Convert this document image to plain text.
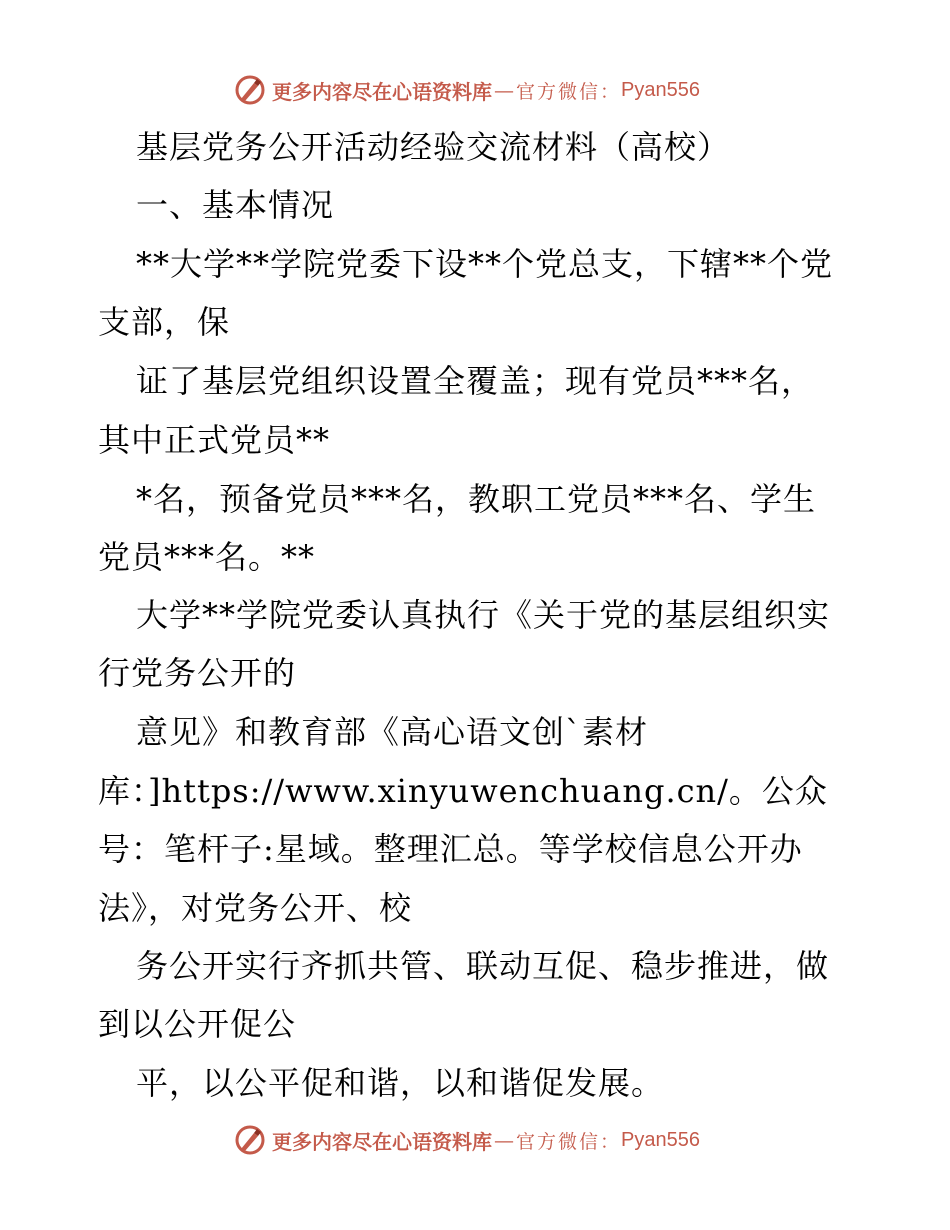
更多内容尽在心语资料库 — 官方微信： Pyan556
基层党务公开活动经验交流材料（高校）
一、基本情况
**大学**学院党委下设**个党总支，下辖**个党
支部，保
证了基层党组织设置全覆盖；现有党员***名，
其中正式党员**
*名，预备党员***名，教职工党员***名、学生
党员***名。**
大学**学院党委认真执行《关于党的基层组织实
行党务公开的
意见》和教育部《高心语文创`素材
库：]https://www.xinyuwenchuang.cn/。公众
号：笔杆子:星域。整理汇总。等学校信息公开办
法》，对党务公开、校
务公开实行齐抓共管、联动互促、稳步推进，做
到以公开促公
平，以公平促和谐，以和谐促发展。
更多内容尽在心语资料库 — 官方微信： Pyan556
